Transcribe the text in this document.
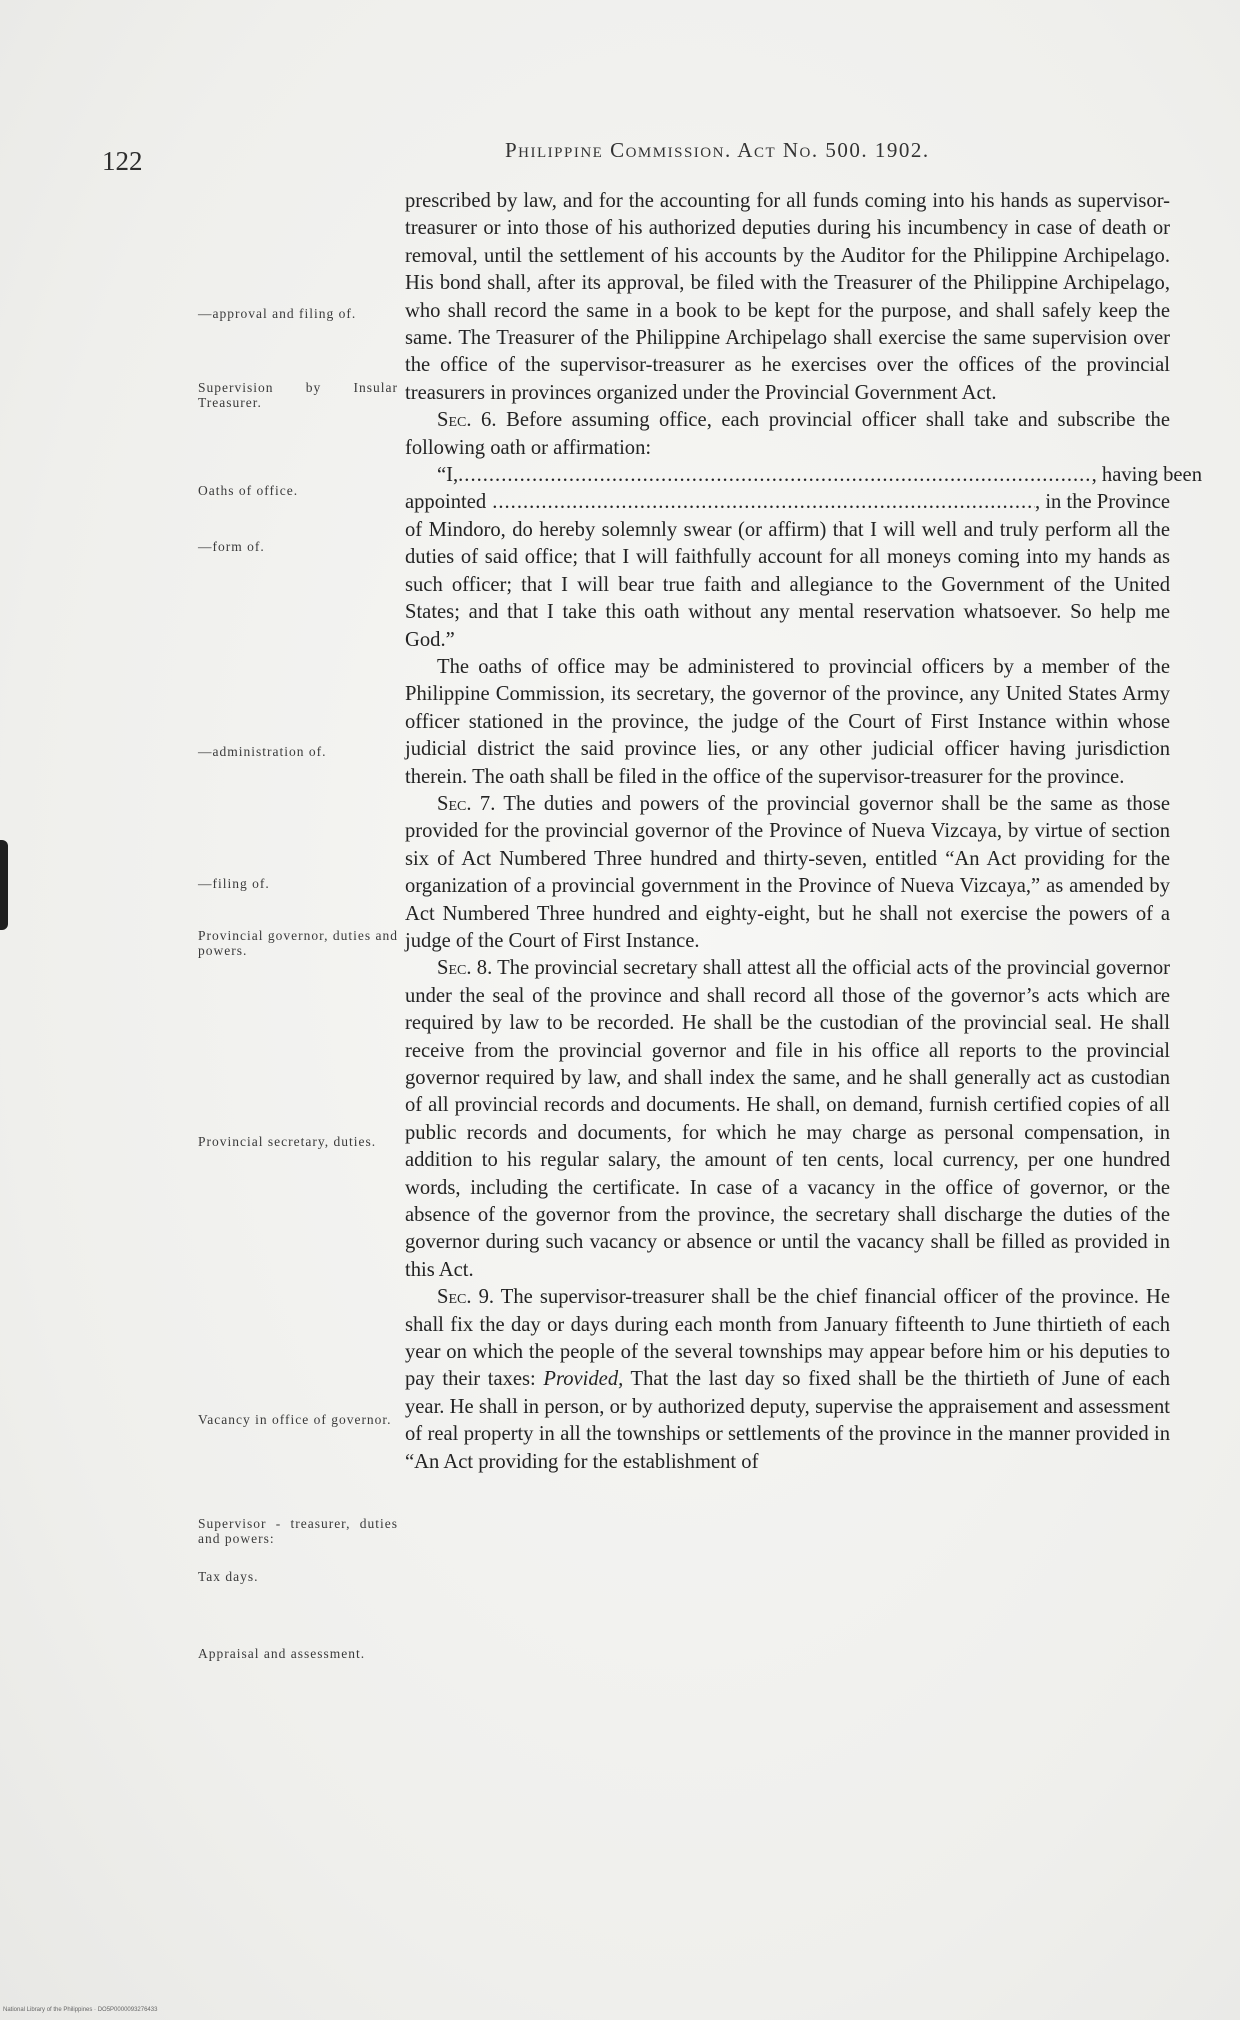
122	Philippine Commission. Act No. 500. 1902.
—approval and filing of.
Supervision by Insular Treasurer.
Oaths of office.
—form of.
—administration of.
—filing of.
Provincial governor, duties and powers.
Provincial secretary, duties.
Vacancy in office of governor.
Supervisor - treasurer, duties and powers:
Tax days.
Appraisal and assessment.

prescribed by law, and for the accounting for all funds coming into his hands as supervisor-treasurer or into those of his authorized deputies during his incumbency in case of death or removal, until the settlement of his accounts by the Auditor for the Philippine Archipelago. His bond shall, after its approval, be filed with the Treasurer of the Philippine Archipelago, who shall record the same in a book to be kept for the purpose, and shall safely keep the same. The Treasurer of the Philippine Archipelago shall exercise the same supervision over the office of the supervisor-treasurer as he exercises over the offices of the provincial treasurers in provinces organized under the Provincial Government Act.

Sec. 6. Before assuming office, each provincial officer shall take and subscribe the following oath or affirmation:

“I, .....	, having been
appointed .....	, in the Province

of Mindoro, do hereby solemnly swear (or affirm) that I will well and truly perform all the duties of said office; that I will faithfully account for all moneys coming into my hands as such officer; that I will bear true faith and allegiance to the Government of the United States; and that I take this oath without any mental reservation whatsoever. So help me God.”

The oaths of office may be administered to provincial officers by a member of the Philippine Commission, its secretary, the governor of the province, any United States Army officer stationed in the province, the judge of the Court of First Instance within whose judicial district the said province lies, or any other judicial officer having jurisdiction therein. The oath shall be filed in the office of the supervisor-treasurer for the province.

Sec. 7. The duties and powers of the provincial governor shall be the same as those provided for the provincial governor of the Province of Nueva Vizcaya, by virtue of section six of Act Numbered Three hundred and thirty-seven, entitled “An Act providing for the organization of a provincial government in the Province of Nueva Vizcaya,” as amended by Act Numbered Three hundred and eighty-eight, but he shall not exercise the powers of a judge of the Court of First Instance.

Sec. 8. The provincial secretary shall attest all the official acts of the provincial governor under the seal of the province and shall record all those of the governor’s acts which are required by law to be recorded. He shall be the custodian of the provincial seal. He shall receive from the provincial governor and file in his office all reports to the provincial governor required by law, and shall index the same, and he shall generally act as custodian of all provincial records and documents. He shall, on demand, furnish certified copies of all public records and documents, for which he may charge as personal compensation, in addition to his regular salary, the amount of ten cents, local currency, per one hundred words, including the certificate. In case of a vacancy in the office of governor, or the absence of the governor from the province, the secretary shall discharge the duties of the governor during such vacancy or absence or until the vacancy shall be filled as provided in this Act.

Sec. 9. The supervisor-treasurer shall be the chief financial officer of the province. He shall fix the day or days during each month from January fifteenth to June thirtieth of each year on which the people of the several townships may appear before him or his deputies to pay their taxes: Provided, That the last day so fixed shall be the thirtieth of June of each year. He shall in person, or by authorized deputy, supervise the appraisement and assessment of real property in all the townships or settlements of the province in the manner provided in “An Act providing for the establishment of

National Library of the Philippines · DO5P0000093276433
